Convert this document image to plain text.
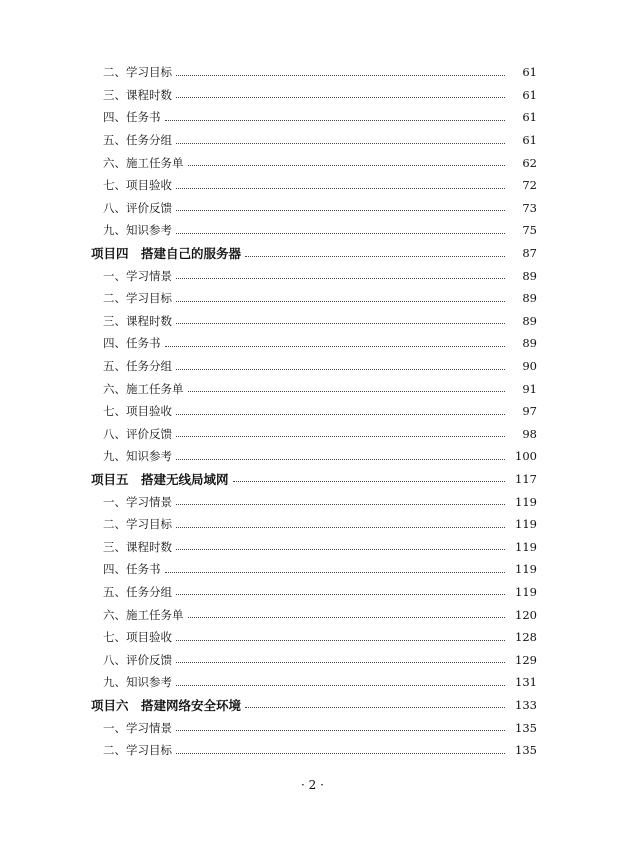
二、学习目标	61
三、课程时数	61
四、任务书	61
五、任务分组	61
六、施工任务单	62
七、项目验收	72
八、评价反馈	73
九、知识参考	75
项目四　搭建自己的服务器	87
一、学习情景	89
二、学习目标	89
三、课程时数	89
四、任务书	89
五、任务分组	90
六、施工任务单	91
七、项目验收	97
八、评价反馈	98
九、知识参考	100
项目五　搭建无线局域网	117
一、学习情景	119
二、学习目标	119
三、课程时数	119
四、任务书	119
五、任务分组	119
六、施工任务单	120
七、项目验收	128
八、评价反馈	129
九、知识参考	131
项目六　搭建网络安全环境	133
一、学习情景	135
二、学习目标	135
· 2 ·
